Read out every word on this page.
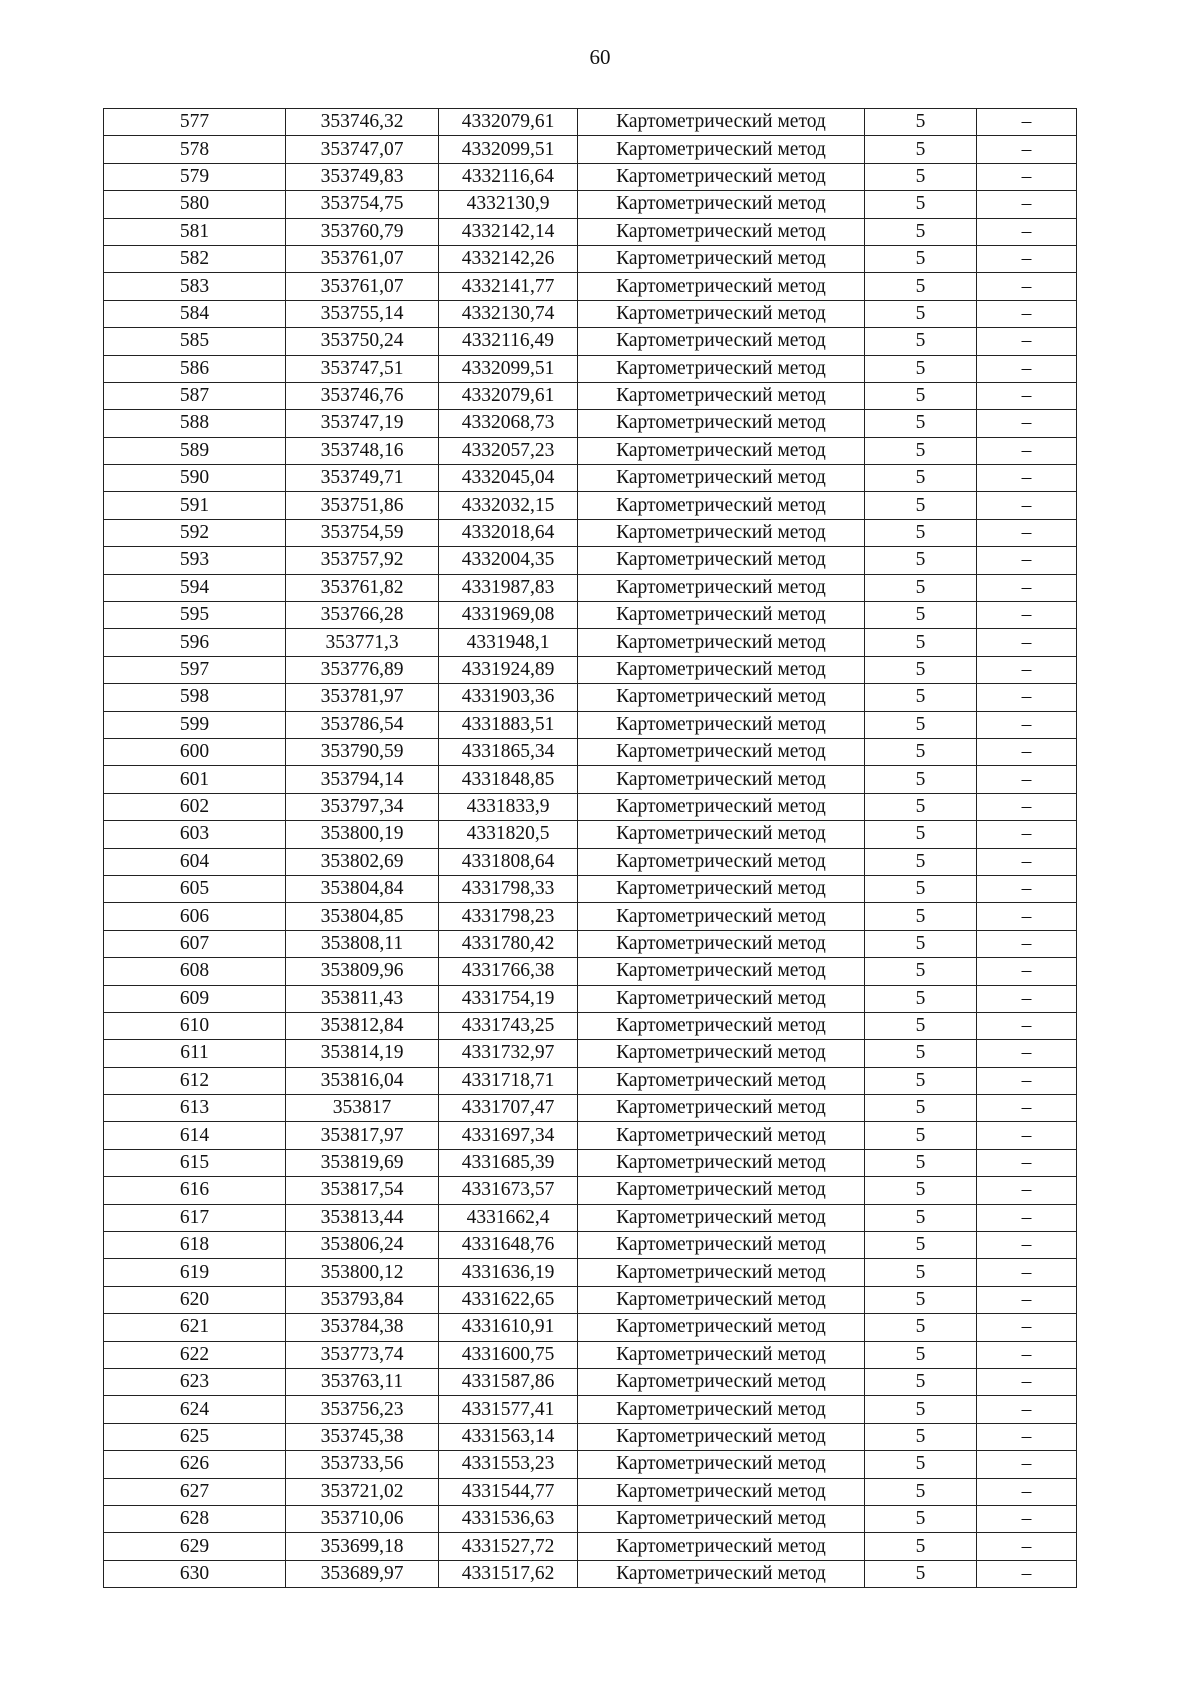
60
577	353746,32	4332079,61	Картометрический метод	5	–
578	353747,07	4332099,51	Картометрический метод	5	–
579	353749,83	4332116,64	Картометрический метод	5	–
580	353754,75	4332130,9	Картометрический метод	5	–
581	353760,79	4332142,14	Картометрический метод	5	–
582	353761,07	4332142,26	Картометрический метод	5	–
583	353761,07	4332141,77	Картометрический метод	5	–
584	353755,14	4332130,74	Картометрический метод	5	–
585	353750,24	4332116,49	Картометрический метод	5	–
586	353747,51	4332099,51	Картометрический метод	5	–
587	353746,76	4332079,61	Картометрический метод	5	–
588	353747,19	4332068,73	Картометрический метод	5	–
589	353748,16	4332057,23	Картометрический метод	5	–
590	353749,71	4332045,04	Картометрический метод	5	–
591	353751,86	4332032,15	Картометрический метод	5	–
592	353754,59	4332018,64	Картометрический метод	5	–
593	353757,92	4332004,35	Картометрический метод	5	–
594	353761,82	4331987,83	Картометрический метод	5	–
595	353766,28	4331969,08	Картометрический метод	5	–
596	353771,3	4331948,1	Картометрический метод	5	–
597	353776,89	4331924,89	Картометрический метод	5	–
598	353781,97	4331903,36	Картометрический метод	5	–
599	353786,54	4331883,51	Картометрический метод	5	–
600	353790,59	4331865,34	Картометрический метод	5	–
601	353794,14	4331848,85	Картометрический метод	5	–
602	353797,34	4331833,9	Картометрический метод	5	–
603	353800,19	4331820,5	Картометрический метод	5	–
604	353802,69	4331808,64	Картометрический метод	5	–
605	353804,84	4331798,33	Картометрический метод	5	–
606	353804,85	4331798,23	Картометрический метод	5	–
607	353808,11	4331780,42	Картометрический метод	5	–
608	353809,96	4331766,38	Картометрический метод	5	–
609	353811,43	4331754,19	Картометрический метод	5	–
610	353812,84	4331743,25	Картометрический метод	5	–
611	353814,19	4331732,97	Картометрический метод	5	–
612	353816,04	4331718,71	Картометрический метод	5	–
613	353817	4331707,47	Картометрический метод	5	–
614	353817,97	4331697,34	Картометрический метод	5	–
615	353819,69	4331685,39	Картометрический метод	5	–
616	353817,54	4331673,57	Картометрический метод	5	–
617	353813,44	4331662,4	Картометрический метод	5	–
618	353806,24	4331648,76	Картометрический метод	5	–
619	353800,12	4331636,19	Картометрический метод	5	–
620	353793,84	4331622,65	Картометрический метод	5	–
621	353784,38	4331610,91	Картометрический метод	5	–
622	353773,74	4331600,75	Картометрический метод	5	–
623	353763,11	4331587,86	Картометрический метод	5	–
624	353756,23	4331577,41	Картометрический метод	5	–
625	353745,38	4331563,14	Картометрический метод	5	–
626	353733,56	4331553,23	Картометрический метод	5	–
627	353721,02	4331544,77	Картометрический метод	5	–
628	353710,06	4331536,63	Картометрический метод	5	–
629	353699,18	4331527,72	Картометрический метод	5	–
630	353689,97	4331517,62	Картометрический метод	5	–
